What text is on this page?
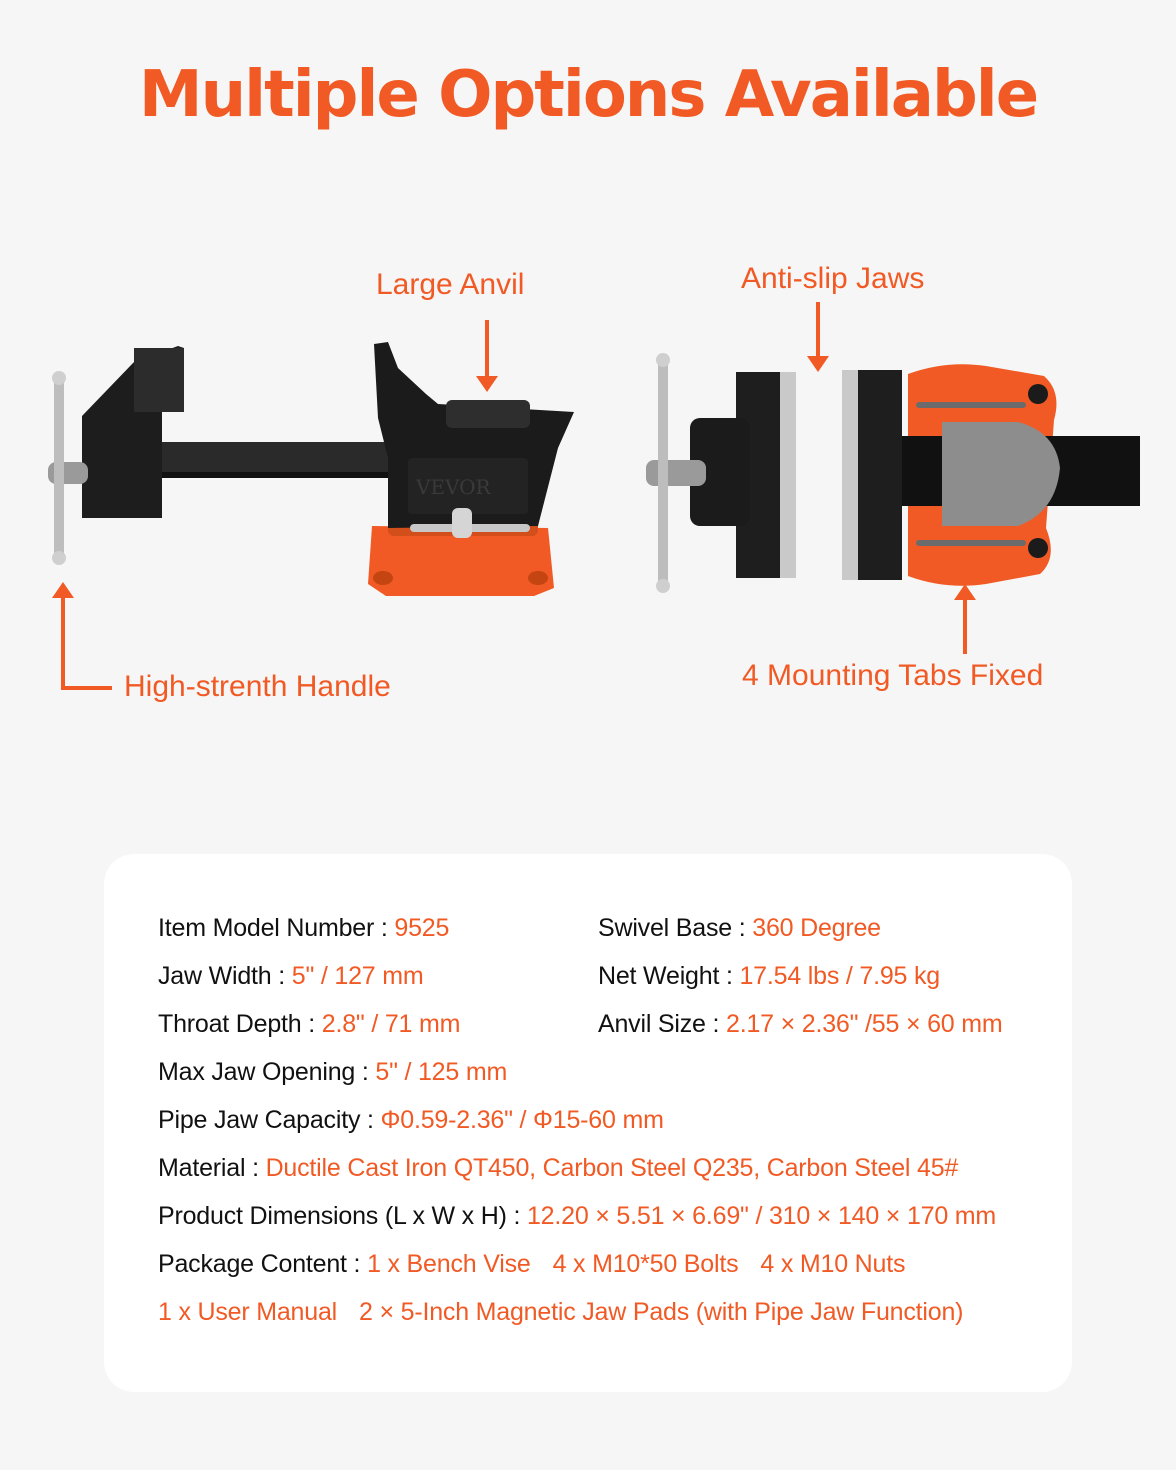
Multiple Options Available
Large Anvil	Anti-slip Jaws
High-strenth Handle	4 Mounting Tabs Fixed
VEVOR
Item Model Number : 9525	Swivel Base : 360 Degree
Jaw Width : 5" / 127 mm	Net Weight : 17.54 lbs / 7.95 kg
Throat Depth : 2.8" / 71 mm	Anvil Size : 2.17 × 2.36" /55 × 60 mm
Max Jaw Opening : 5" / 125 mm
Pipe Jaw Capacity : Φ0.59-2.36" / Φ15-60 mm
Material : Ductile Cast Iron QT450, Carbon Steel Q235, Carbon Steel 45#
Product Dimensions (L x W x H) : 12.20 × 5.51 × 6.69" / 310 × 140 × 170 mm
Package Content : 1 x Bench Vise 4 x M10*50 Bolts 4 x M10 Nuts
1 x User Manual 2 × 5-Inch Magnetic Jaw Pads (with Pipe Jaw Function)
